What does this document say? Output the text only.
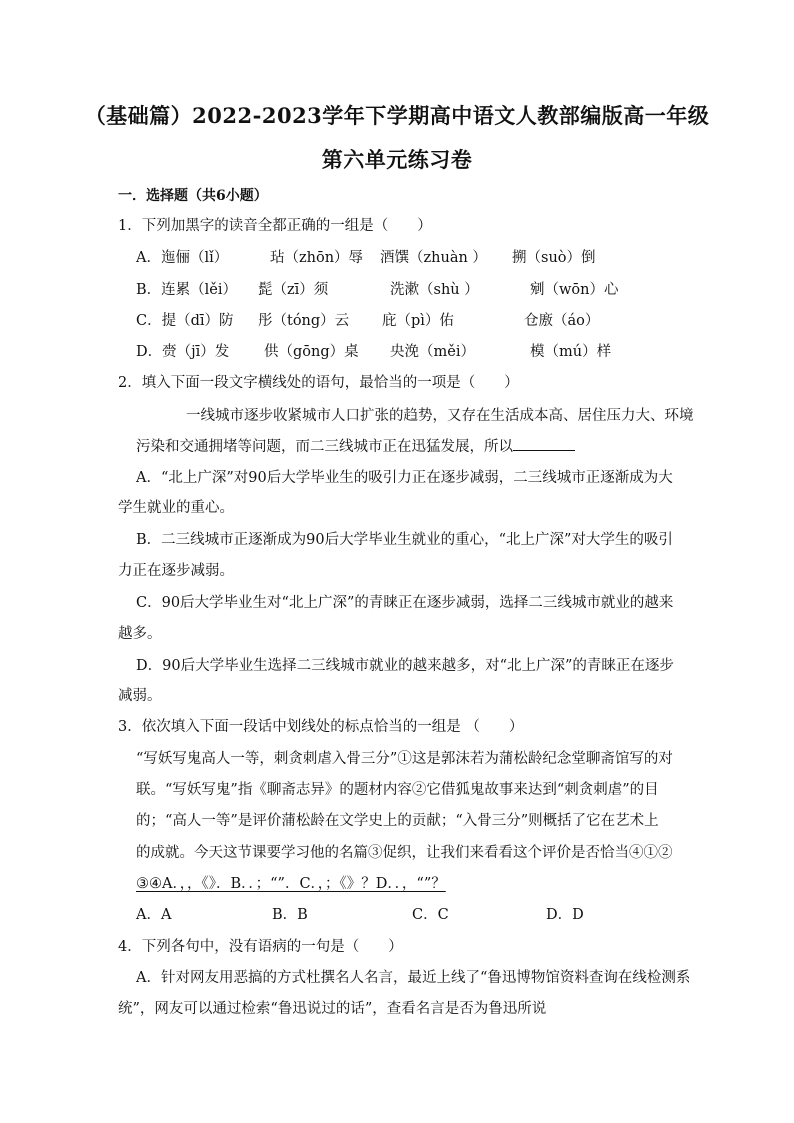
（基础篇）2022-2023学年下学期高中语文人教部编版高一年级
第六单元练习卷
一．选择题（共6小题）
1．下列加黑字的读音全都正确的一组是（　　）
A．迤俪（lǐ）	玷（zhōn）辱 酒馔（zhuàn ） 搠（suò）倒
B．连累（lěi） 髭（zī）须	洗漱（shù ）	剜（wōn）心
C．提（dī）防 彤（tóng）云 庇（pì）佑	仓廒（áo）
D．赍（jī）发 供（gōng）桌 央浼（měi）	模（mú）样
2．填入下面一段文字横线处的语句，最恰当的一项是（　　）
一线城市逐步收紧城市人口扩张的趋势，又存在生活成本高、居住压力大、环境
污染和交通拥堵等问题，而二三线城市正在迅猛发展，所以
A．“北上广深”对90后大学毕业生的吸引力正在逐步减弱，二三线城市正逐渐成为大
学生就业的重心。
B．二三线城市正逐渐成为90后大学毕业生就业的重心，“北上广深”对大学生的吸引
力正在逐步减弱。
C．90后大学毕业生对“北上广深”的青睐正在逐步减弱，选择二三线城市就业的越来
越多。
D．90后大学毕业生选择二三线城市就业的越来越多，对“北上广深”的青睐正在逐步
减弱。
3．依次填入下面一段话中划线处的标点恰当的一组是 （　　）
“写妖写鬼高人一等，刺贪刺虐入骨三分”①这是郭沫若为蒲松龄纪念堂聊斋馆写的对
联。“写妖写鬼”指《聊斋志异》的题材内容②它借狐鬼故事来达到“刺贪刺虐”的目
的；“高人一等”是评价蒲松龄在文学史上的贡献；“入骨三分”则概括了它在艺术上
的成就。今天这节课要学习他的名篇③促织，让我们来看看这个评价是否恰当④①②
③④A．，，《》．B．．；“”．C．，；《》？D．．，“”？
A．A	B．B	C．C	D．D
4．下列各句中，没有语病的一句是（　　）
A．针对网友用恶搞的方式杜撰名人名言，最近上线了“鲁迅博物馆资料查询在线检测系
统”，网友可以通过检索“鲁迅说过的话”，查看名言是否为鲁迅所说
